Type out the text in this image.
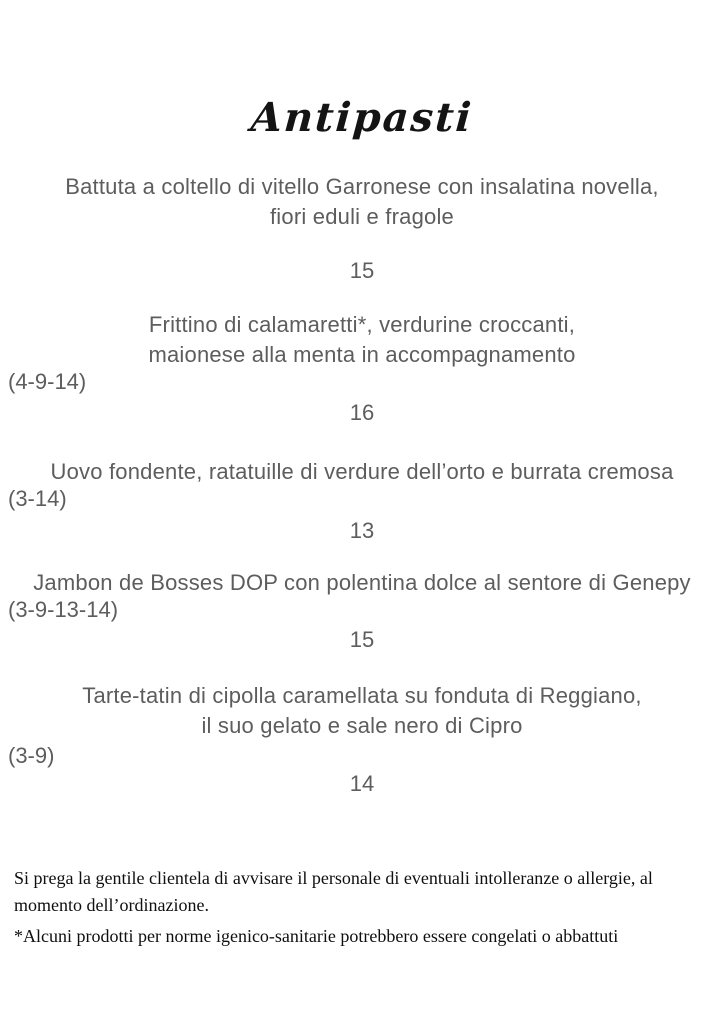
Antipasti
Battuta a coltello di vitello Garronese con insalatina novella,
fiori eduli e fragole
15
Frittino di calamaretti*, verdurine croccanti,
maionese alla menta in accompagnamento
(4-9-14)
16
Uovo fondente, ratatuille di verdure dell’orto e burrata cremosa
(3-14)
13
Jambon de Bosses DOP con polentina dolce al sentore di Genepy
(3-9-13-14)
15
Tarte-tatin di cipolla caramellata su fonduta di Reggiano,
il suo gelato e sale nero di Cipro
(3-9)
14
Si prega la gentile clientela di avvisare il personale di eventuali intolleranze o allergie, al momento dell’ordinazione.
*Alcuni prodotti per norme igenico-sanitarie potrebbero essere congelati o abbattuti
